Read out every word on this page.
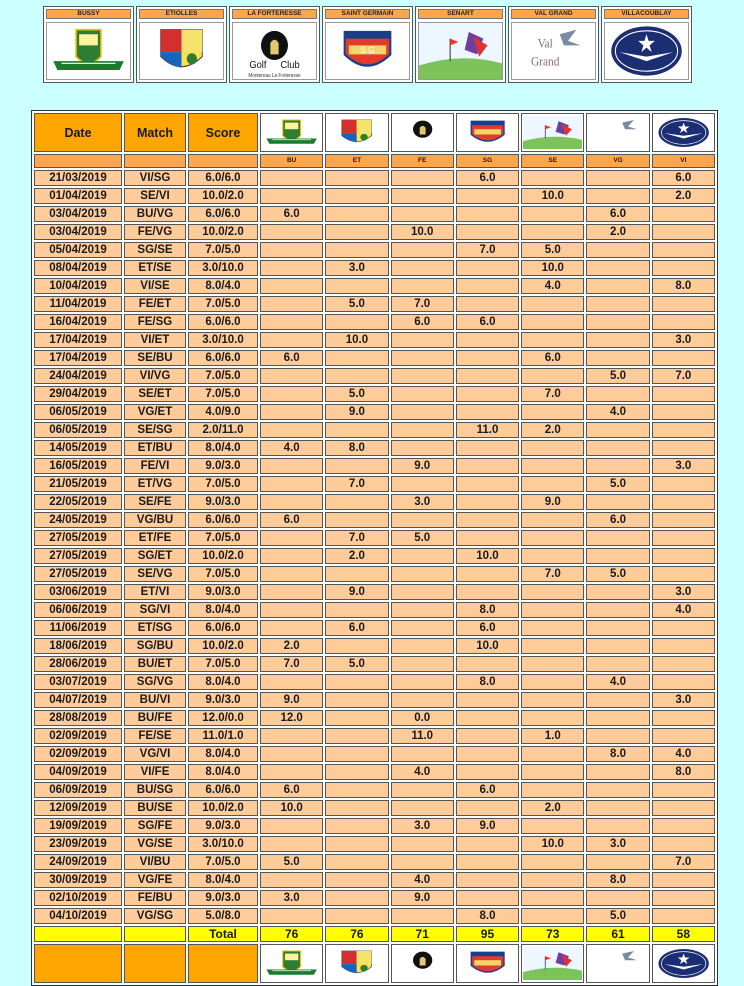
BUSSY	ETIOLLES	LA FORTERESSE
Golf Club
Montereau La Forteresse
SAINT GERMAIN
S G
SENART	VAL GRAND
Val
Grand
VILLACOUBLAY
Date	Match	Score	

			BU	ET	FE	SG	SE	VG	VI
21/03/2019	VI/SG	6.0/6.0				6.0			6.0
01/04/2019	SE/VI	10.0/2.0					10.0		2.0
03/04/2019	BU/VG	6.0/6.0	6.0					6.0	
03/04/2019	FE/VG	10.0/2.0			10.0			2.0	
05/04/2019	SG/SE	7.0/5.0				7.0	5.0		
08/04/2019	ET/SE	3.0/10.0		3.0			10.0		
10/04/2019	VI/SE	8.0/4.0					4.0		8.0
11/04/2019	FE/ET	7.0/5.0		5.0	7.0				
16/04/2019	FE/SG	6.0/6.0			6.0	6.0			
17/04/2019	VI/ET	3.0/10.0		10.0					3.0
17/04/2019	SE/BU	6.0/6.0	6.0				6.0		
24/04/2019	VI/VG	7.0/5.0						5.0	7.0
29/04/2019	SE/ET	7.0/5.0		5.0			7.0		
06/05/2019	VG/ET	4.0/9.0		9.0				4.0	
06/05/2019	SE/SG	2.0/11.0				11.0	2.0		
14/05/2019	ET/BU	8.0/4.0	4.0	8.0					
16/05/2019	FE/VI	9.0/3.0			9.0				3.0
21/05/2019	ET/VG	7.0/5.0		7.0				5.0	
22/05/2019	SE/FE	9.0/3.0			3.0		9.0		
24/05/2019	VG/BU	6.0/6.0	6.0					6.0	
27/05/2019	ET/FE	7.0/5.0		7.0	5.0				
27/05/2019	SG/ET	10.0/2.0		2.0		10.0			
27/05/2019	SE/VG	7.0/5.0					7.0	5.0	
03/06/2019	ET/VI	9.0/3.0		9.0					3.0
06/06/2019	SG/VI	8.0/4.0				8.0			4.0
11/06/2019	ET/SG	6.0/6.0		6.0		6.0			
18/06/2019	SG/BU	10.0/2.0	2.0			10.0			
28/06/2019	BU/ET	7.0/5.0	7.0	5.0					
03/07/2019	SG/VG	8.0/4.0				8.0		4.0	
04/07/2019	BU/VI	9.0/3.0	9.0						3.0
28/08/2019	BU/FE	12.0/0.0	12.0		0.0				
02/09/2019	FE/SE	11.0/1.0			11.0		1.0		
02/09/2019	VG/VI	8.0/4.0						8.0	4.0
04/09/2019	VI/FE	8.0/4.0			4.0				8.0
06/09/2019	BU/SG	6.0/6.0	6.0			6.0			
12/09/2019	BU/SE	10.0/2.0	10.0				2.0		
19/09/2019	SG/FE	9.0/3.0			3.0	9.0			
23/09/2019	VG/SE	3.0/10.0					10.0	3.0	
24/09/2019	VI/BU	7.0/5.0	5.0						7.0
30/09/2019	VG/FE	8.0/4.0			4.0			8.0	
02/10/2019	FE/BU	9.0/3.0	3.0		9.0				
04/10/2019	VG/SG	5.0/8.0				8.0		5.0	
		Total	76	76	71	95	73	61	58
